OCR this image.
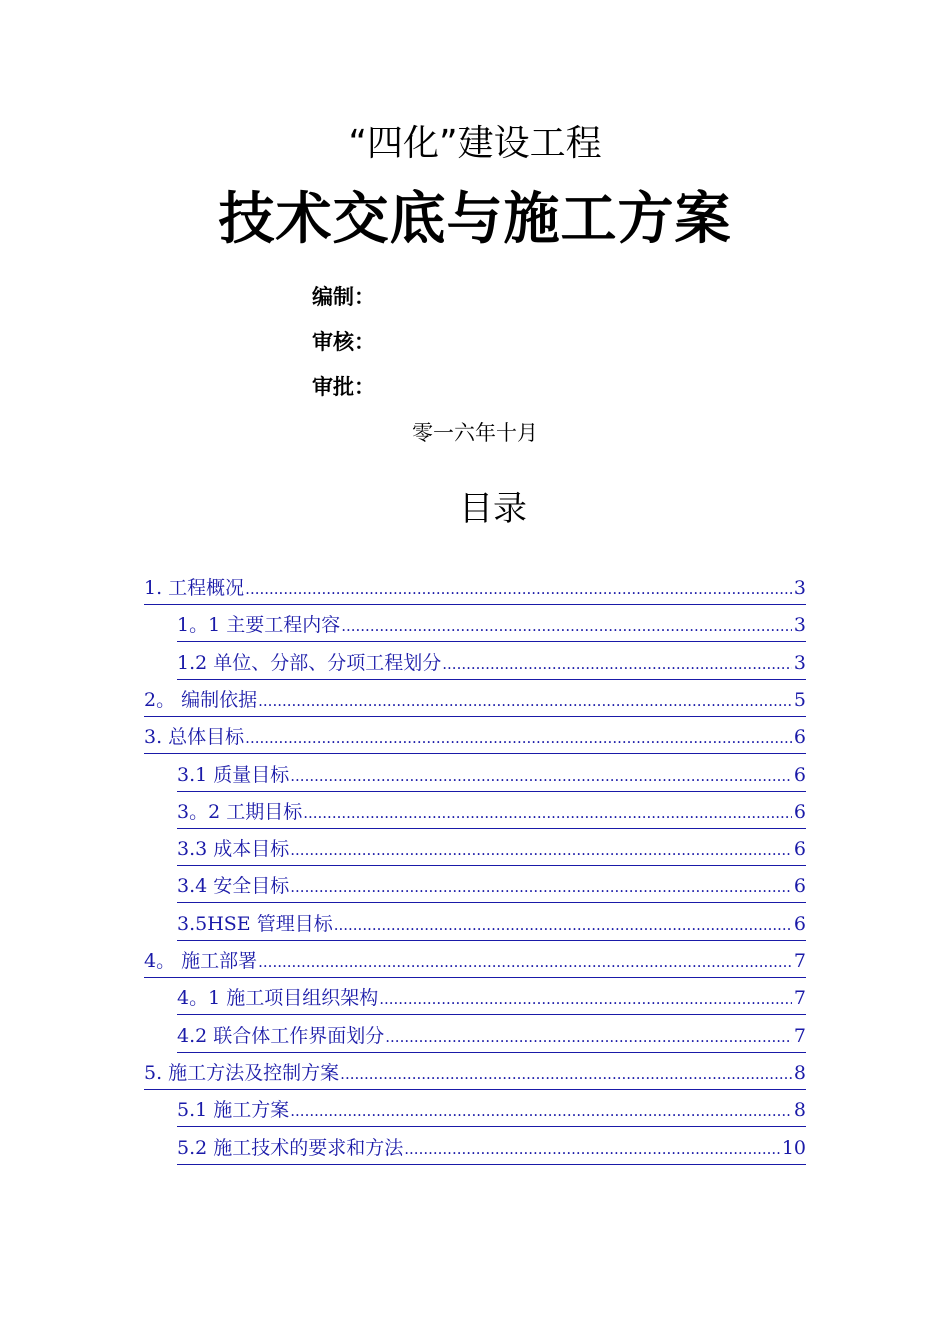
“四化”建设工程
技术交底与施工方案
编制：
审核：
审批：
零一六年十月
目录
1. 工程概况 .....	3
1。1 主要工程内容 .....	3
1.2 单位、分部、分项工程划分 .....	3
2。 编制依据 .....	5
3. 总体目标 .....	6
3.1 质量目标 .....	6
3。2 工期目标 .....	6
3.3 成本目标 .....	6
3.4 安全目标 .....	6
3.5HSE 管理目标 .....	6
4。 施工部署 .....	7
4。1 施工项目组织架构 .....	7
4.2 联合体工作界面划分 .....	7
5. 施工方法及控制方案 .....	8
5.1 施工方案 .....	8
5.2 施工技术的要求和方法 .....	10
